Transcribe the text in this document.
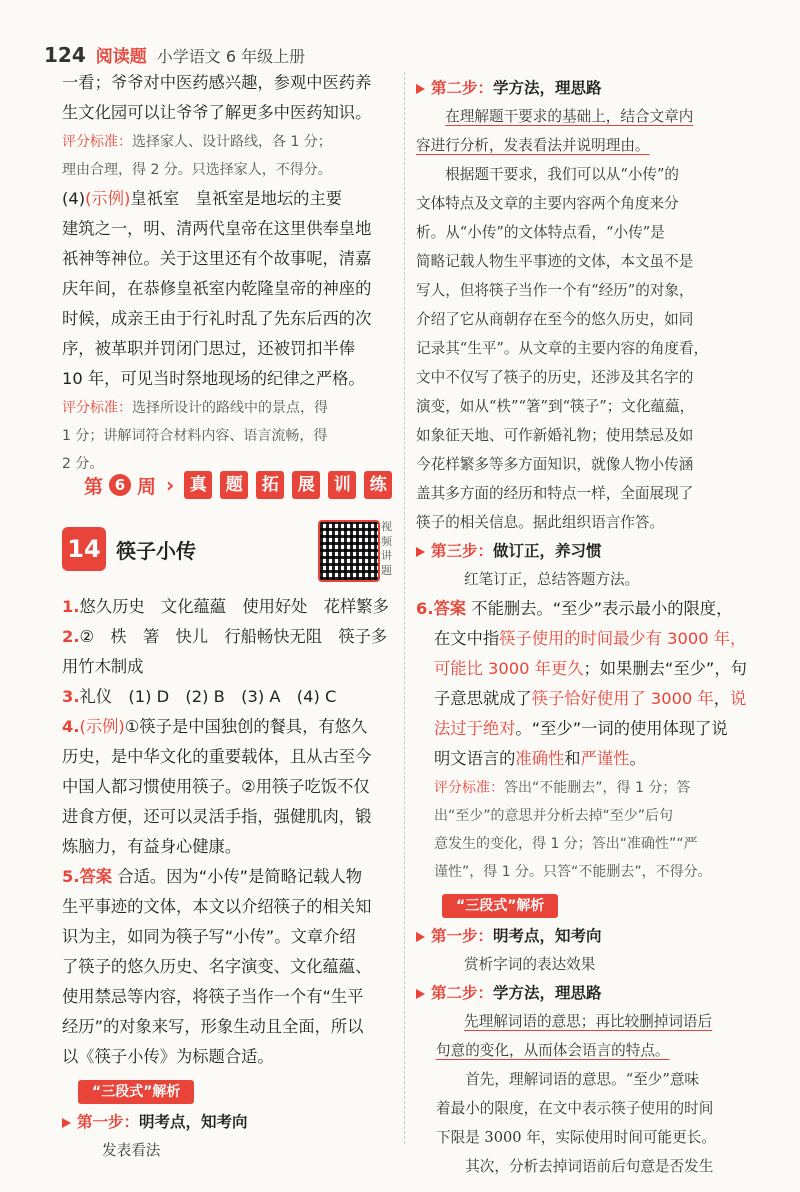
124 阅读题 小学语文 6 年级上册

一看；爷爷对中医药感兴趣，参观中医药养

生文化园可以让爷爷了解更多中医药知识。

评分标准：选择家人、设计路线，各 1 分；

理由合理，得 2 分。只选择家人，不得分。

(4)(示例)皇祇室　皇祇室是地坛的主要

建筑之一，明、清两代皇帝在这里供奉皇地

祇神等神位。关于这里还有个故事呢，清嘉

庆年间，在恭修皇祇室内乾隆皇帝的神座的

时候，成亲王由于行礼时乱了先东后西的次

序，被革职并罚闭门思过，还被罚扣半俸

10 年，可见当时祭地现场的纪律之严格。

评分标准：选择所设计的路线中的景点，得

1 分；讲解词符合材料内容、语言流畅，得

2 分。

第 6 周 › 真	题	拓	展	训	练
14 筷子小传
视频讲题

1.悠久历史　文化蕴藴　使用好处　花样繁多

2.②　柣　箸　快儿　行船畅快无阻　筷子多

用竹木制成

3.礼仪　(1) D　(2) B　(3) A　(4) C

4.(示例)①筷子是中国独创的餐具，有悠久

历史，是中华文化的重要载体，且从古至今

中国人都习惯使用筷子。②用筷子吃饭不仅

进食方便，还可以灵活手指，强健肌肉，锻

炼脑力，有益身心健康。

5.答案 合适。因为“小传”是简略记载人物

生平事迹的文体，本文以介绍筷子的相关知

识为主，如同为筷子写“小传”。文章介绍

了筷子的悠久历史、名字演变、文化蕴藴、

使用禁忌等内容，将筷子当作一个有“生平

经历”的对象来写，形象生动且全面，所以

以《筷子小传》为标题合适。

“三段式”解析

第一步：明考点，知考向

发表看法

第二步：学方法，理思路

在理解题干要求的基础上，结合文章内

容进行分析，发表看法并说明理由。

根据题干要求，我们可以从“小传”的

文体特点及文章的主要内容两个角度来分

析。从“小传”的文体特点看，“小传”是

简略记载人物生平事迹的文体，本文虽不是

写人，但将筷子当作一个有“经历”的对象，

介绍了它从商朝存在至今的悠久历史，如同

记录其“生平”。从文章的主要内容的角度看，

文中不仅写了筷子的历史，还涉及其名字的

演变，如从“柣”“箸”到“筷子”；文化蕴藴，

如象征天地、可作新婚礼物；使用禁忌及如

今花样繁多等多方面知识，就像人物小传涵

盖其多方面的经历和特点一样，全面展现了

筷子的相关信息。据此组织语言作答。

第三步：做订正，养习惯

红笔订正，总结答题方法。

6.答案 不能删去。“至少”表示最小的限度，

在文中指筷子使用的时间最少有 3000 年，

可能比 3000 年更久；如果删去“至少”，句

子意思就成了筷子恰好使用了 3000 年，说

法过于绝对。“至少”一词的使用体现了说

明文语言的准确性和严谨性。

评分标准：答出“不能删去”，得 1 分；答

出“至少”的意思并分析去掉“至少”后句

意发生的变化，得 1 分；答出“准确性”“严

谨性”，得 1 分。只答“不能删去”，不得分。

“三段式”解析

第一步：明考点，知考向

赏析字词的表达效果

第二步：学方法，理思路

先理解词语的意思；再比较删掉词语后

句意的变化，从而体会语言的特点。

首先，理解词语的意思。“至少”意味

着最小的限度，在文中表示筷子使用的时间

下限是 3000 年，实际使用时间可能更长。

其次，分析去掉词语前后句意是否发生
